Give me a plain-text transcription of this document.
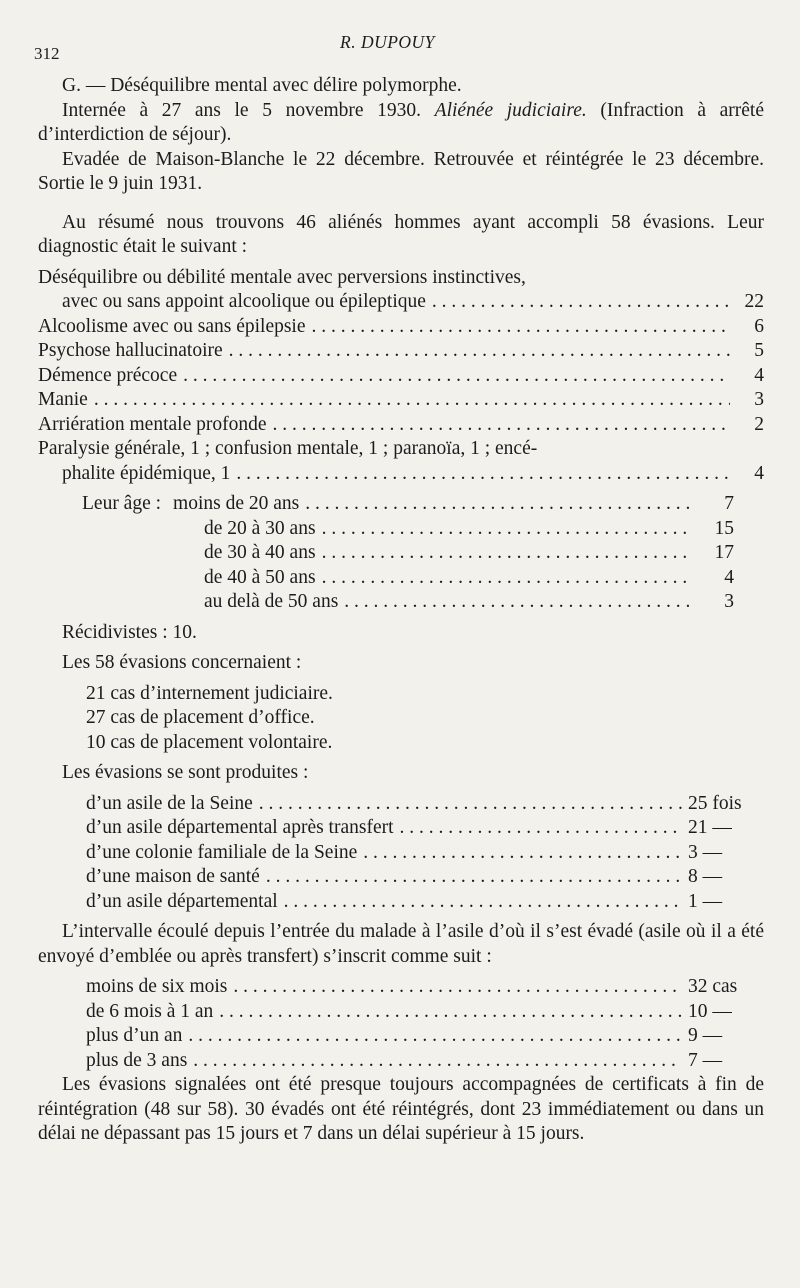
312
R. DUPOUY

G. — Déséquilibre mental avec délire polymorphe.

Internée à 27 ans le 5 novembre 1930. Aliénée judiciaire. (Infraction à arrêté d’interdiction de séjour).

Evadée de Maison-Blanche le 22 décembre. Retrouvée et réintégrée le 23 décembre. Sortie le 9 juin 1931.

Au résumé nous trouvons 46 aliénés hommes ayant accompli 58 évasions. Leur diagnostic était le suivant :

Déséquilibre ou débilité mentale avec perversions instinctives,
avec ou sans appoint alcoolique ou épileptique . . .	22
Alcoolisme avec ou sans épilepsie . . .	6
Psychose hallucinatoire . . .	5
Démence précoce . . .	4
Manie . . .	3
Arriération mentale profonde . . .	2
Paralysie générale, 1 ; confusion mentale, 1 ; paranoïa, 1 ; encé-
phalite épidémique, 1 . . .	4
Leur âge : moins de 20 ans . . .	7
de 20 à 30 ans . . .	15
de 30 à 40 ans . . .	17
de 40 à 50 ans . . .	4
au delà de 50 ans . . .	3

Récidivistes : 10.

Les 58 évasions concernaient :

21 cas d’internement judiciaire.
27 cas de placement d’office.
10 cas de placement volontaire.

Les évasions se sont produites :

d’un asile de la Seine . . .	25 fois
d’un asile départemental après transfert . . .	21 —
d’une colonie familiale de la Seine . . .	3 —
d’une maison de santé . . .	8 —
d’un asile départemental . . .	1 —

L’intervalle écoulé depuis l’entrée du malade à l’asile d’où il s’est évadé (asile où il a été envoyé d’emblée ou après transfert) s’inscrit comme suit :

moins de six mois . . .	32 cas
de 6 mois à 1 an . . .	10 —
plus d’un an . . .	9 —
plus de 3 ans . . .	7 —

Les évasions signalées ont été presque toujours accompagnées de certificats à fin de réintégration (48 sur 58). 30 évadés ont été réintégrés, dont 23 immédiatement ou dans un délai ne dépassant pas 15 jours et 7 dans un délai supérieur à 15 jours.
